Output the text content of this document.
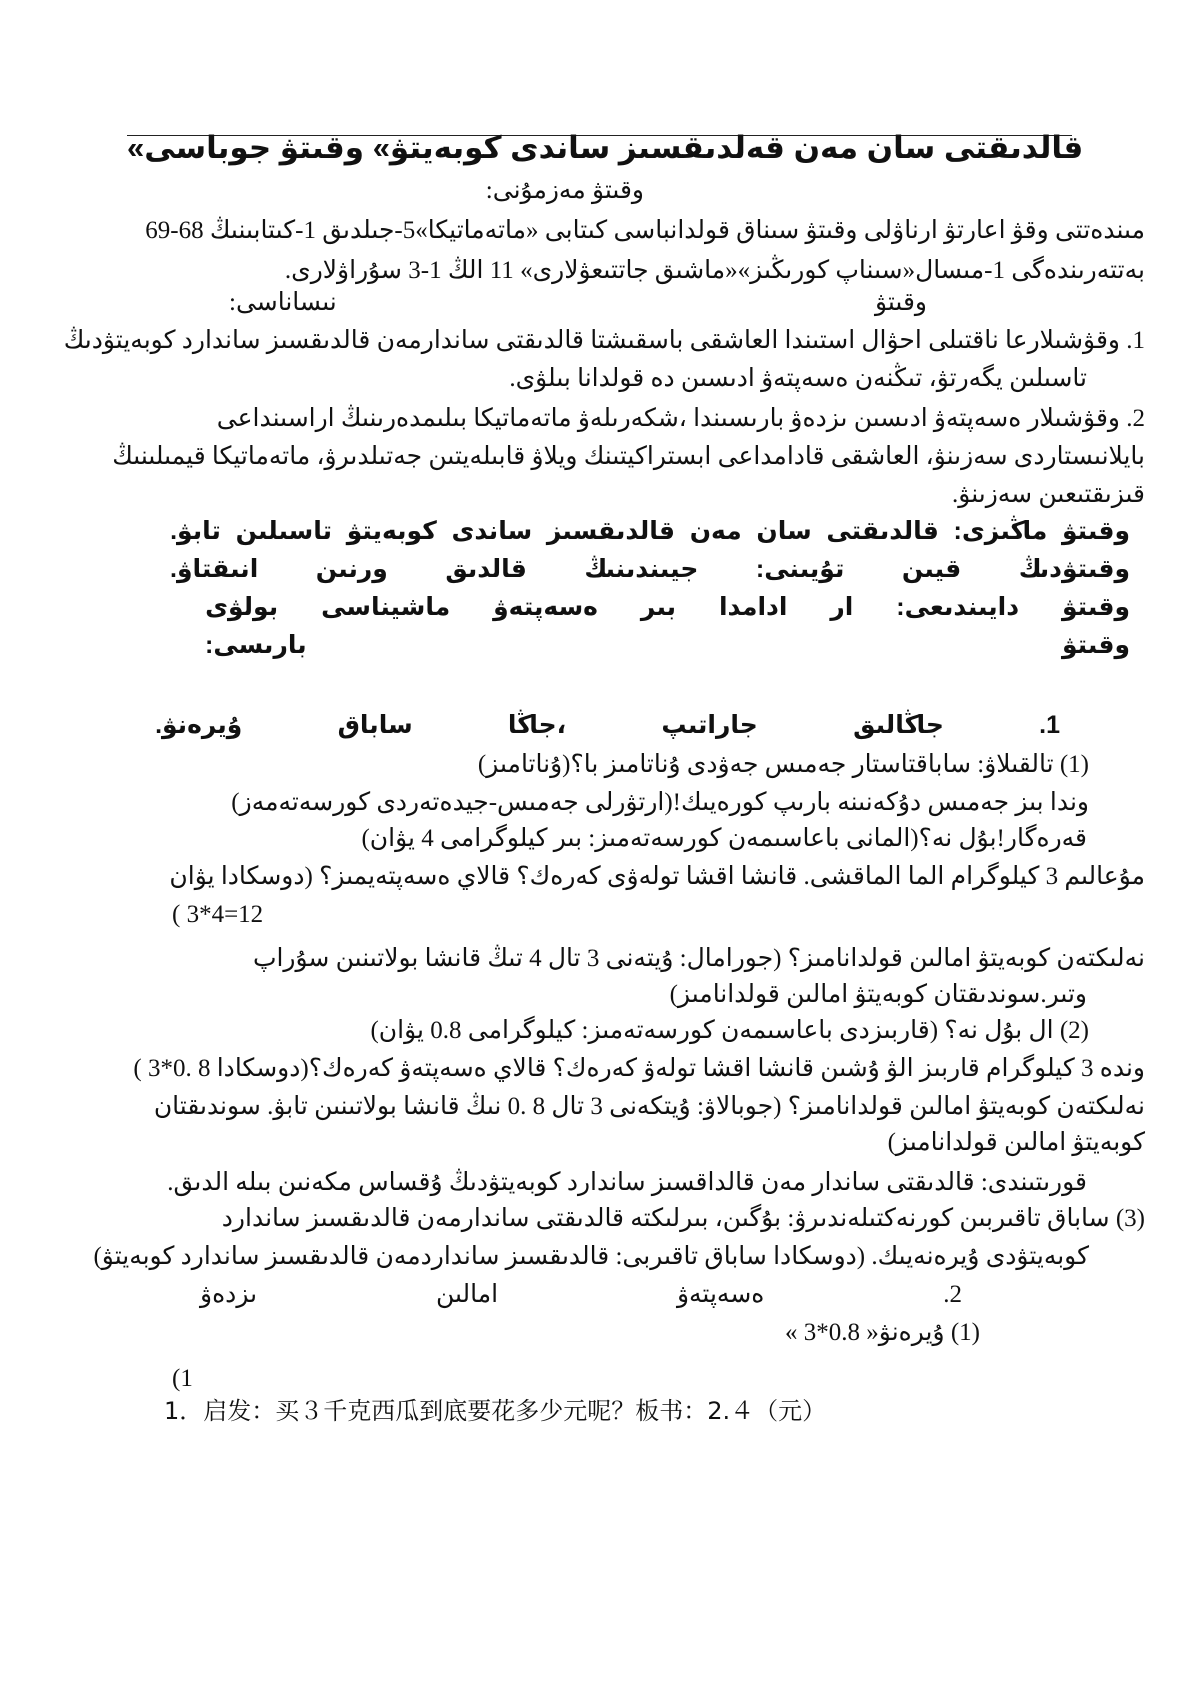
«قالدىقتى سان مەن قەلدىقسىز ساندى كوبەيتۋ» وقىتۋ جوباسى
وقىتۋ مەزمۇنى:
مىندەتتى وقۋ اعارتۋ ارناۋلى وقىتۋ سىناق قولدانباسى كىتابى «ماتەماتيكا»5-جىلدىق 1-كىتابىنىڭ 68-69
بەتتەرىندەگى 1-مىسال«سىناپ كورىڭىز»«ماشىق جاتتىعۋلارى» 11 الڭ 1-3 سۇراۋلارى.
وقىتۋ
نىساناسى:
1. وقۋشىلارعا ناقتىلى احۋال استىندا العاشقى باسقىشتا قالدىقتى ساندارمەن قالدىقسىز ساندارد كوبەيتۋدىڭ
تاسىلىن يگەرتۋ، تىڭنەن ەسەپتەۋ ادىسىن دە قولدانا بىلۋى.
2. وقۋشىلار ەسەپتەۋ ادىسىن ىزدەۋ بارىسىندا ،شكەرىلەۋ ماتەماتيكا بىلىمدەرىنىڭ اراسىنداعى
بايلانىستاردى سەزىنۋ، العاشقى قادامداعى ابستراكيتىنك ويلاۋ قابىلەيتىن جەتىلدىرۋ، ماتەماتيكا قيمىلىنىڭ
قىزىقتىعىن سەزىنۋ.
وقىتۋ
ماڭىزى:
قالدىقتى
سان
مەن
قالدىقسىز
ساندى
كوبەيتۋ
تاسىلىن
تابۋ.
وقىتۋدىڭ
قيىن
تۇيىنى:
جيىندىنىڭ
قالدىق
ورنىن
انىقتاۋ.
وقىتۋ
دايىندىعى:
ار
ادامدا
بىر
ەسەپتەۋ
ماشيناسى
بولۋى
وقىتۋ
بارىسى:
1.
جاڭالىق
جاراتىپ
،جاڭا
ساباق
ۇيرەنۋ.
(1) تالقىلاۋ: ساباقتاستار جەمىس جەۋدى ۇناتامىز با؟(ۇناتامىز)
وندا بىز جەمىس دۇكەنىنە بارىپ كورەيىك!(ارتۋرلى جەمىس-جيدەتەردى كورسەتەمەز)
قەرەگار!بۇل نە؟(المانى باعاسىمەن كورسەتەمىز: بىر كيلوگرامى 4 يۋان)
مۇعالىم 3 كيلوگرام الما الماقشى. قانشا اقشا تولەۋى كەرەك؟ قالاي ەسەپتەيمىز؟ (دوسكادا يۋان
( 3*4=12
نەلىكتەن كوبەيتۋ امالىن قولدانامىز؟ (جورامال: ۇيتەنى 3 تال 4 تىڭ قانشا بولاتىنىن سۇراپ
وتىر.سوندىقتان كوبەيتۋ امالىن قولدانامىز)
(2) ال بۇل نە؟ (قاربىزدى باعاسىمەن كورسەتەمىز: كيلوگرامى 0.8 يۋان)
ونده 3 كيلوگرام قاربىز الۋ ۇشىن قانشا اقشا تولەۋ كەرەك؟ قالاي ەسەپتەۋ كەرەك؟(دوسكادا 8 .0*3 )
نەلىكتەن كوبەيتۋ امالىن قولدانامىز؟ (جوبالاۋ: ۇيتكەنى 3 تال 8 .0 نىڭ قانشا بولاتىنىن تابۋ. سوندىقتان
كوبەيتۋ امالىن قولدانامىز)
قورىتىندى: قالدىقتى ساندار مەن قالداقسىز ساندارد كوبەيتۋدىڭ ۇقساس مكەنىن بىلە الدىق.
(3) ساباق تاقىربىن كورنەكتىلەندىرۋ: بۇگىن، بىرلىكتە قالدىقتى ساندارمەن قالدىقسىز ساندارد
كوبەيتۋدى ۇيرەنەيىك. (دوسكادا ساباق تاقىربى: قالدىقسىز سانداردمەن قالدىقسىز ساندارد كوبەيتۋ)
2.
ەسەپتەۋ
امالىن
ىزدەۋ
(1) ۇيرەنۋ« 0.8*3 »
(1
1．启发：买３千克西瓜到底要花多少元呢？板书：2.４（元）
